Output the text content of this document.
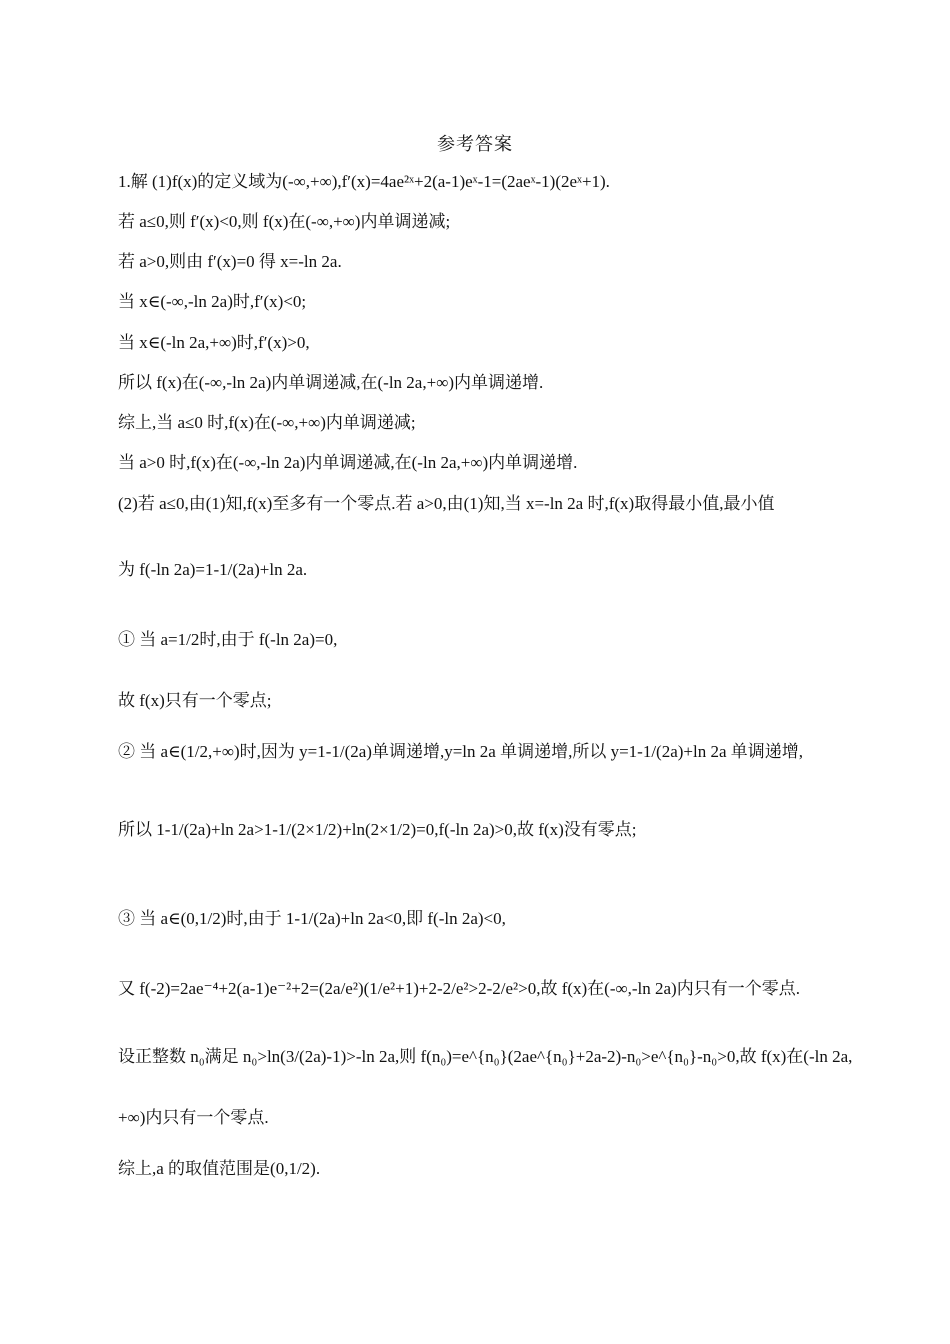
参考答案
1.解 (1)f(x)的定义域为(-∞,+∞),f′(x)=4ae²ˣ+2(a-1)eˣ-1=(2aeˣ-1)(2eˣ+1).
若 a≤0,则 f′(x)<0,则 f(x)在(-∞,+∞)内单调递减;
若 a>0,则由 f′(x)=0 得 x=-ln 2a.
当 x∈(-∞,-ln 2a)时,f′(x)<0;
当 x∈(-ln 2a,+∞)时,f′(x)>0,
所以 f(x)在(-∞,-ln 2a)内单调递减,在(-ln 2a,+∞)内单调递增.
综上,当 a≤0 时,f(x)在(-∞,+∞)内单调递减;
当 a>0 时,f(x)在(-∞,-ln 2a)内单调递减,在(-ln 2a,+∞)内单调递增.
(2)若 a≤0,由(1)知,f(x)至多有一个零点.若 a>0,由(1)知,当 x=-ln 2a 时,f(x)取得最小值,最小值
为 f(-ln 2a)=1-1/(2a)+ln 2a.
① 当 a=1/2时,由于 f(-ln 2a)=0,
故 f(x)只有一个零点;
② 当 a∈(1/2,+∞)时,因为 y=1-1/(2a)单调递增,y=ln 2a 单调递增,所以 y=1-1/(2a)+ln 2a 单调递增,
所以 1-1/(2a)+ln 2a>1-1/(2×1/2)+ln(2×1/2)=0,f(-ln 2a)>0,故 f(x)没有零点;
③ 当 a∈(0,1/2)时,由于 1-1/(2a)+ln 2a<0,即 f(-ln 2a)<0,
又 f(-2)=2ae⁻⁴+2(a-1)e⁻²+2=(2a/e²)(1/e²+1)+2-2/e²>2-2/e²>0,故 f(x)在(-∞,-ln 2a)内只有一个零点.
设正整数 n₀满足 n₀>ln(3/(2a)-1)>-ln 2a,则 f(n₀)=e^{n₀}(2ae^{n₀}+2a-2)-n₀>e^{n₀}-n₀>0,故 f(x)在(-ln 2a,
+∞)内只有一个零点.
综上,a 的取值范围是(0,1/2).
